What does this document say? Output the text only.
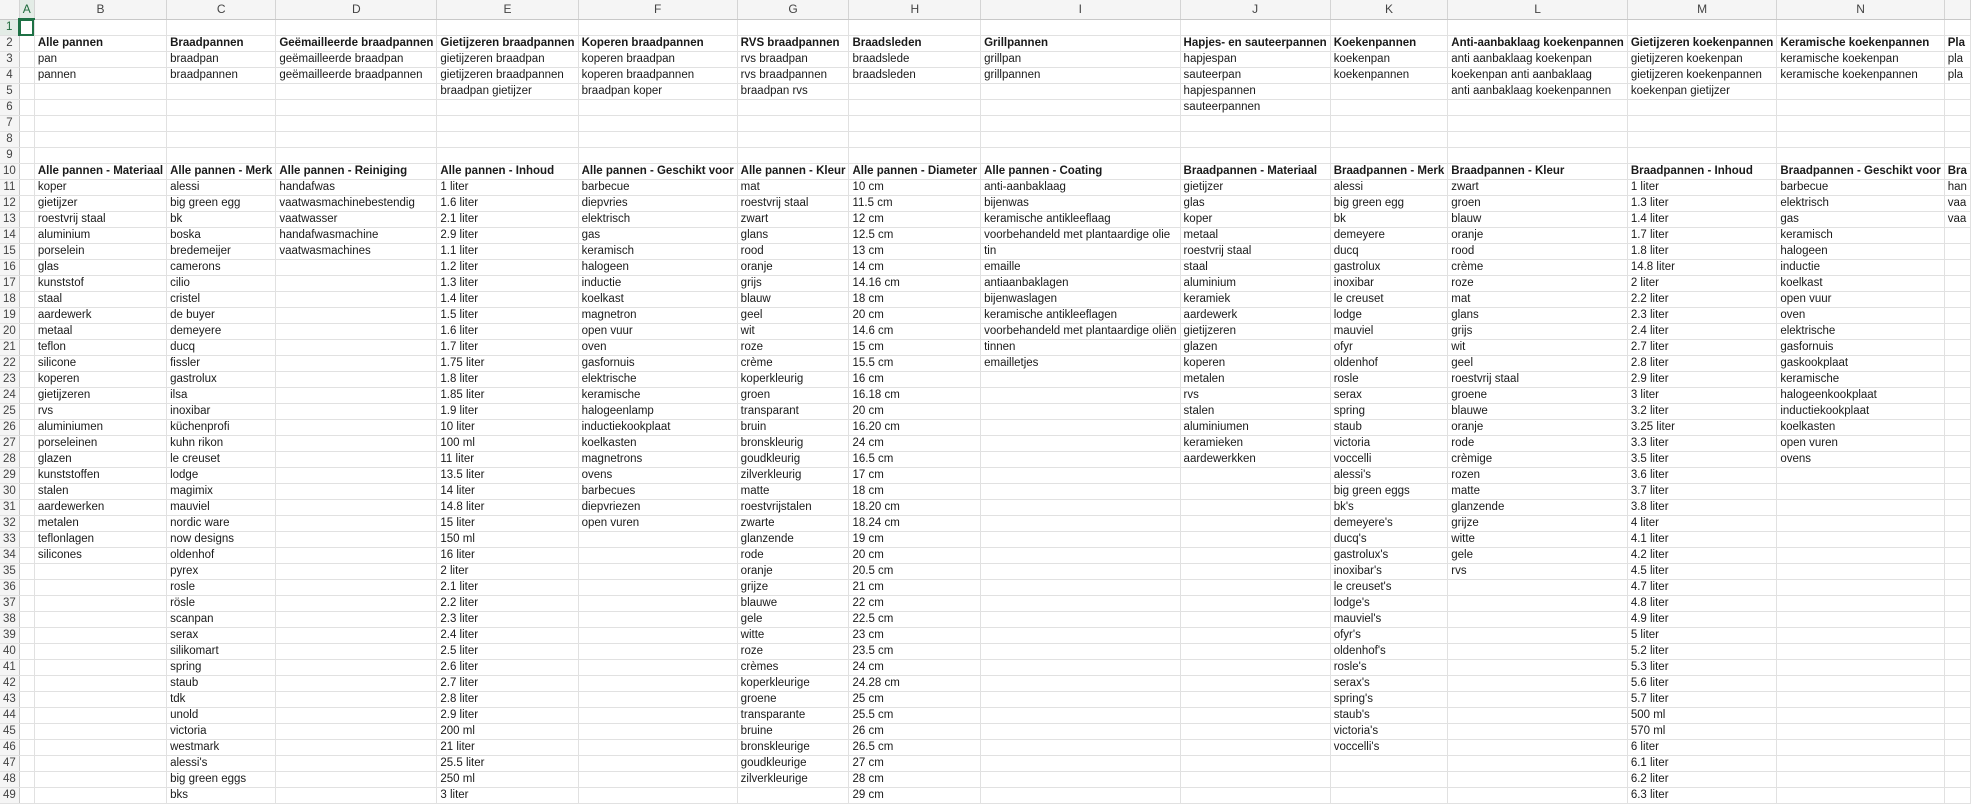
	A	B	C	D	E	F	G	H	I	J	K	L	M	N	
1															
2		Alle pannen	Braadpannen	Geëmailleerde braadpannen	Gietijzeren braadpannen	Koperen braadpannen	RVS braadpannen	Braadsleden	Grillpannen	Hapjes- en sauteerpannen	Koekenpannen	Anti-aanbaklaag koekenpannen	Gietijzeren koekenpannen	Keramische koekenpannen	Pla
3		pan	braadpan	geëmailleerde braadpan	gietijzeren braadpan	koperen braadpan	rvs braadpan	braadslede	grillpan	hapjespan	koekenpan	anti aanbaklaag koekenpan	gietijzeren koekenpan	keramische koekenpan	pla
4		pannen	braadpannen	geëmailleerde braadpannen	gietijzeren braadpannen	koperen braadpannen	rvs braadpannen	braadsleden	grillpannen	sauteerpan	koekenpannen	koekenpan anti aanbaklaag	gietijzeren koekenpannen	keramische koekenpannen	pla
5					braadpan gietijzer	braadpan koper	braadpan rvs			hapjespannen		anti aanbaklaag koekenpannen	koekenpan gietijzer		
6										sauteerpannen					
7															
8															
9															
10		Alle pannen - Materiaal	Alle pannen - Merk	Alle pannen - Reiniging	Alle pannen - Inhoud	Alle pannen - Geschikt voor	Alle pannen - Kleur	Alle pannen - Diameter	Alle pannen - Coating	Braadpannen - Materiaal	Braadpannen - Merk	Braadpannen - Kleur	Braadpannen - Inhoud	Braadpannen - Geschikt voor	Bra
11		koper	alessi	handafwas	1 liter	barbecue	mat	10 cm	anti-aanbaklaag	gietijzer	alessi	zwart	1 liter	barbecue	han
12		gietijzer	big green egg	vaatwasmachinebestendig	1.6 liter	diepvries	roestvrij staal	11.5 cm	bijenwas	glas	big green egg	groen	1.3 liter	elektrisch	vaa
13		roestvrij staal	bk	vaatwasser	2.1 liter	elektrisch	zwart	12 cm	keramische antikleeflaag	koper	bk	blauw	1.4 liter	gas	vaa
14		aluminium	boska	handafwasmachine	2.9 liter	gas	glans	12.5 cm	voorbehandeld met plantaardige olie	metaal	demeyere	oranje	1.7 liter	keramisch	
15		porselein	bredemeijer	vaatwasmachines	1.1 liter	keramisch	rood	13 cm	tin	roestvrij staal	ducq	rood	1.8 liter	halogeen	
16		glas	camerons		1.2 liter	halogeen	oranje	14 cm	emaille	staal	gastrolux	crème	14.8 liter	inductie	
17		kunststof	cilio		1.3 liter	inductie	grijs	14.16 cm	antiaanbaklagen	aluminium	inoxibar	roze	2 liter	koelkast	
18		staal	cristel		1.4 liter	koelkast	blauw	18 cm	bijenwaslagen	keramiek	le creuset	mat	2.2 liter	open vuur	
19		aardewerk	de buyer		1.5 liter	magnetron	geel	20 cm	keramische antikleeflagen	aardewerk	lodge	glans	2.3 liter	oven	
20		metaal	demeyere		1.6 liter	open vuur	wit	14.6 cm	voorbehandeld met plantaardige oliën	gietijzeren	mauviel	grijs	2.4 liter	elektrische	
21		teflon	ducq		1.7 liter	oven	roze	15 cm	tinnen	glazen	ofyr	wit	2.7 liter	gasfornuis	
22		silicone	fissler		1.75 liter	gasfornuis	crème	15.5 cm	emailletjes	koperen	oldenhof	geel	2.8 liter	gaskookplaat	
23		koperen	gastrolux		1.8 liter	elektrische	koperkleurig	16 cm		metalen	rosle	roestvrij staal	2.9 liter	keramische	
24		gietijzeren	ilsa		1.85 liter	keramische	groen	16.18 cm		rvs	serax	groene	3 liter	halogeenkookplaat	
25		rvs	inoxibar		1.9 liter	halogeenlamp	transparant	20 cm		stalen	spring	blauwe	3.2 liter	inductiekookplaat	
26		aluminiumen	küchenprofi		10 liter	inductiekookplaat	bruin	16.20 cm		aluminiumen	staub	oranje	3.25 liter	koelkasten	
27		porseleinen	kuhn rikon		100 ml	koelkasten	bronskleurig	24 cm		keramieken	victoria	rode	3.3 liter	open vuren	
28		glazen	le creuset		11 liter	magnetrons	goudkleurig	16.5 cm		aardewerkken	voccelli	crèmige	3.5 liter	ovens	
29		kunststoffen	lodge		13.5 liter	ovens	zilverkleurig	17 cm			alessi's	rozen	3.6 liter		
30		stalen	magimix		14 liter	barbecues	matte	18 cm			big green eggs	matte	3.7 liter		
31		aardewerken	mauviel		14.8 liter	diepvriezen	roestvrijstalen	18.20 cm			bk's	glanzende	3.8 liter		
32		metalen	nordic ware		15 liter	open vuren	zwarte	18.24 cm			demeyere's	grijze	4 liter		
33		teflonlagen	now designs		150 ml		glanzende	19 cm			ducq's	witte	4.1 liter		
34		silicones	oldenhof		16 liter		rode	20 cm			gastrolux's	gele	4.2 liter		
35			pyrex		2 liter		oranje	20.5 cm			inoxibar's	rvs	4.5 liter		
36			rosle		2.1 liter		grijze	21 cm			le creuset's		4.7 liter		
37			rösle		2.2 liter		blauwe	22 cm			lodge's		4.8 liter		
38			scanpan		2.3 liter		gele	22.5 cm			mauviel's		4.9 liter		
39			serax		2.4 liter		witte	23 cm			ofyr's		5 liter		
40			silikomart		2.5 liter		roze	23.5 cm			oldenhof's		5.2 liter		
41			spring		2.6 liter		crèmes	24 cm			rosle's		5.3 liter		
42			staub		2.7 liter		koperkleurige	24.28 cm			serax's		5.6 liter		
43			tdk		2.8 liter		groene	25 cm			spring's		5.7 liter		
44			unold		2.9 liter		transparante	25.5 cm			staub's		500 ml		
45			victoria		200 ml		bruine	26 cm			victoria's		570 ml		
46			westmark		21 liter		bronskleurige	26.5 cm			voccelli's		6 liter		
47			alessi's		25.5 liter		goudkleurige	27 cm					6.1 liter		
48			big green eggs		250 ml		zilverkleurige	28 cm					6.2 liter		
49			bks		3 liter			29 cm					6.3 liter		
